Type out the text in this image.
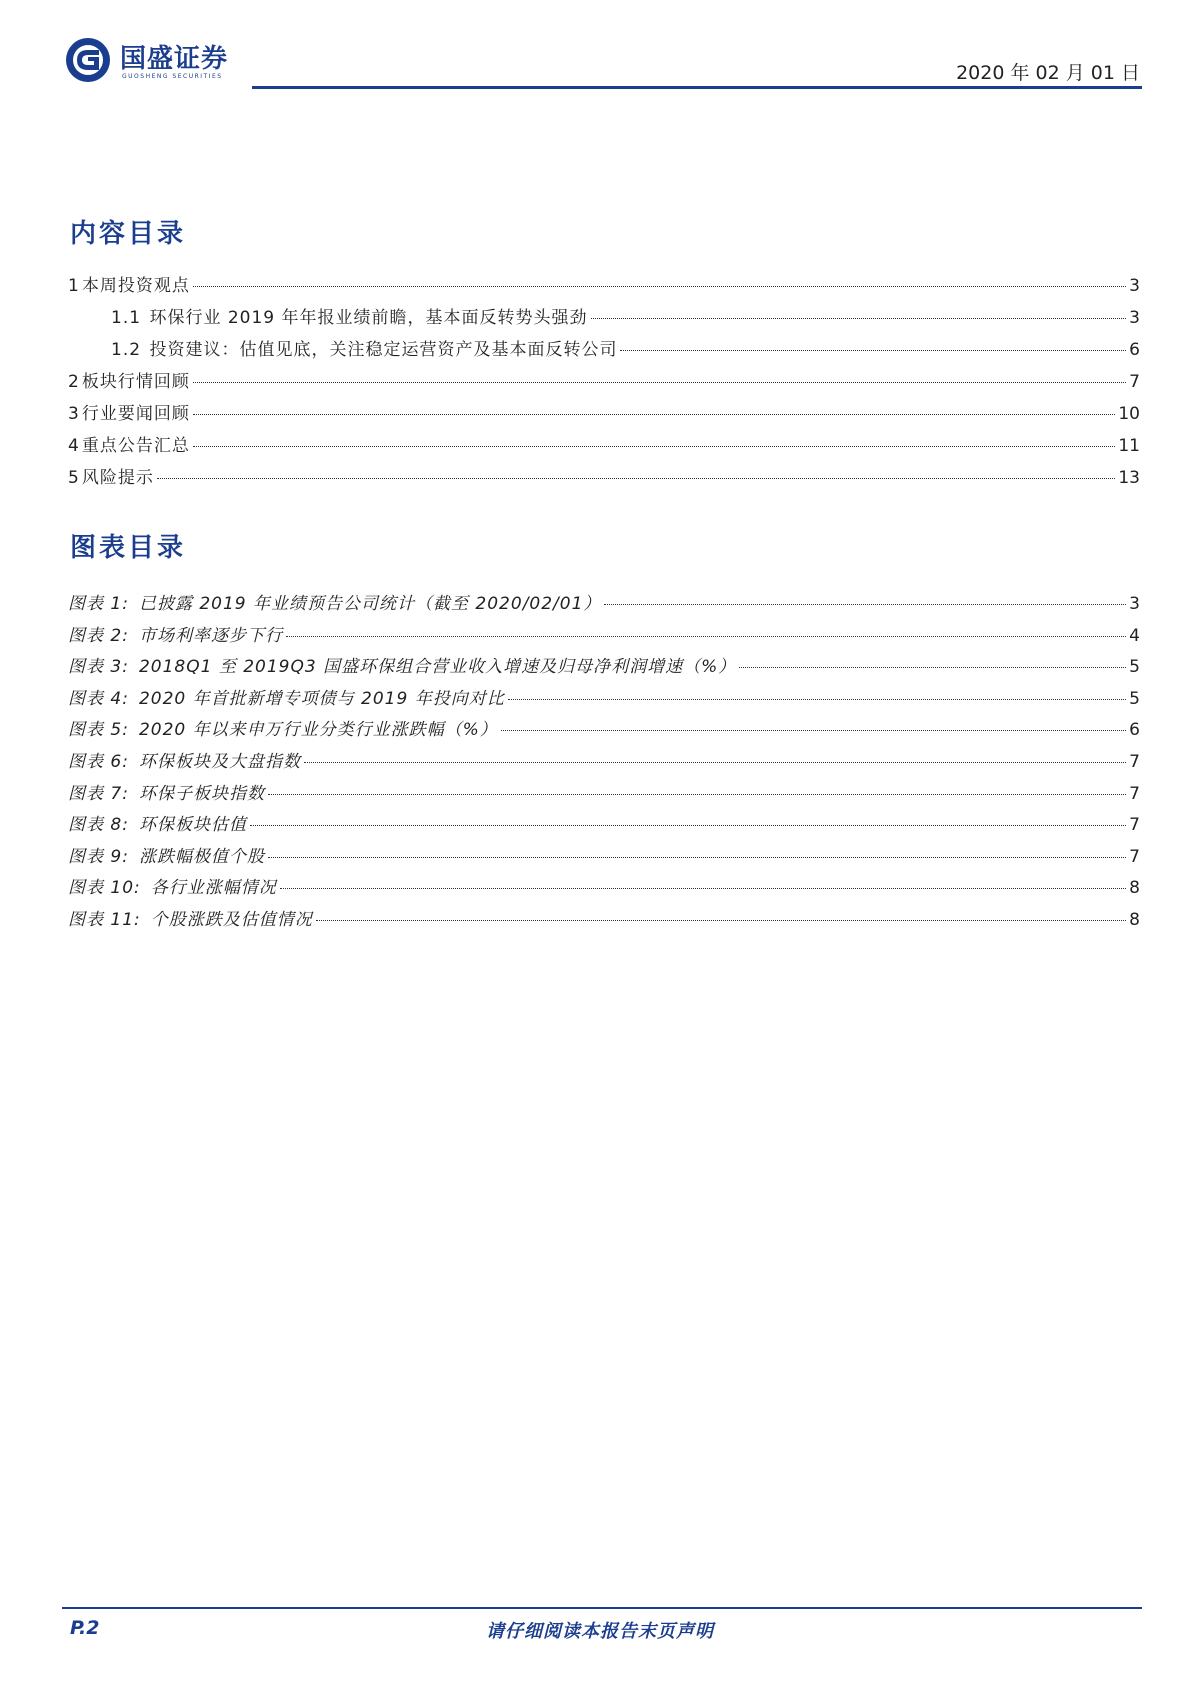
国盛证券
GUOSHENG SECURITIES	2020 年 02 月 01 日
内容目录
1 本周投资观点	3
1.1 环保行业 2019 年年报业绩前瞻，基本面反转势头强劲	3
1.2 投资建议：估值见底，关注稳定运营资产及基本面反转公司	6
2 板块行情回顾	7
3 行业要闻回顾	10
4 重点公告汇总	11
5 风险提示	13
图表目录
图表 1: 已披露 2019 年业绩预告公司统计（截至 2020/02/01）	3
图表 2: 市场利率逐步下行	4
图表 3: 2018Q1 至 2019Q3 国盛环保组合营业收入增速及归母净利润增速（%）	5
图表 4: 2020 年首批新增专项债与 2019 年投向对比	5
图表 5: 2020 年以来申万行业分类行业涨跌幅（%）	6
图表 6: 环保板块及大盘指数	7
图表 7: 环保子板块指数	7
图表 8: 环保板块估值	7
图表 9: 涨跌幅极值个股	7
图表 10: 各行业涨幅情况	8
图表 11: 个股涨跌及估值情况	8
P.2	请仔细阅读本报告末页声明
